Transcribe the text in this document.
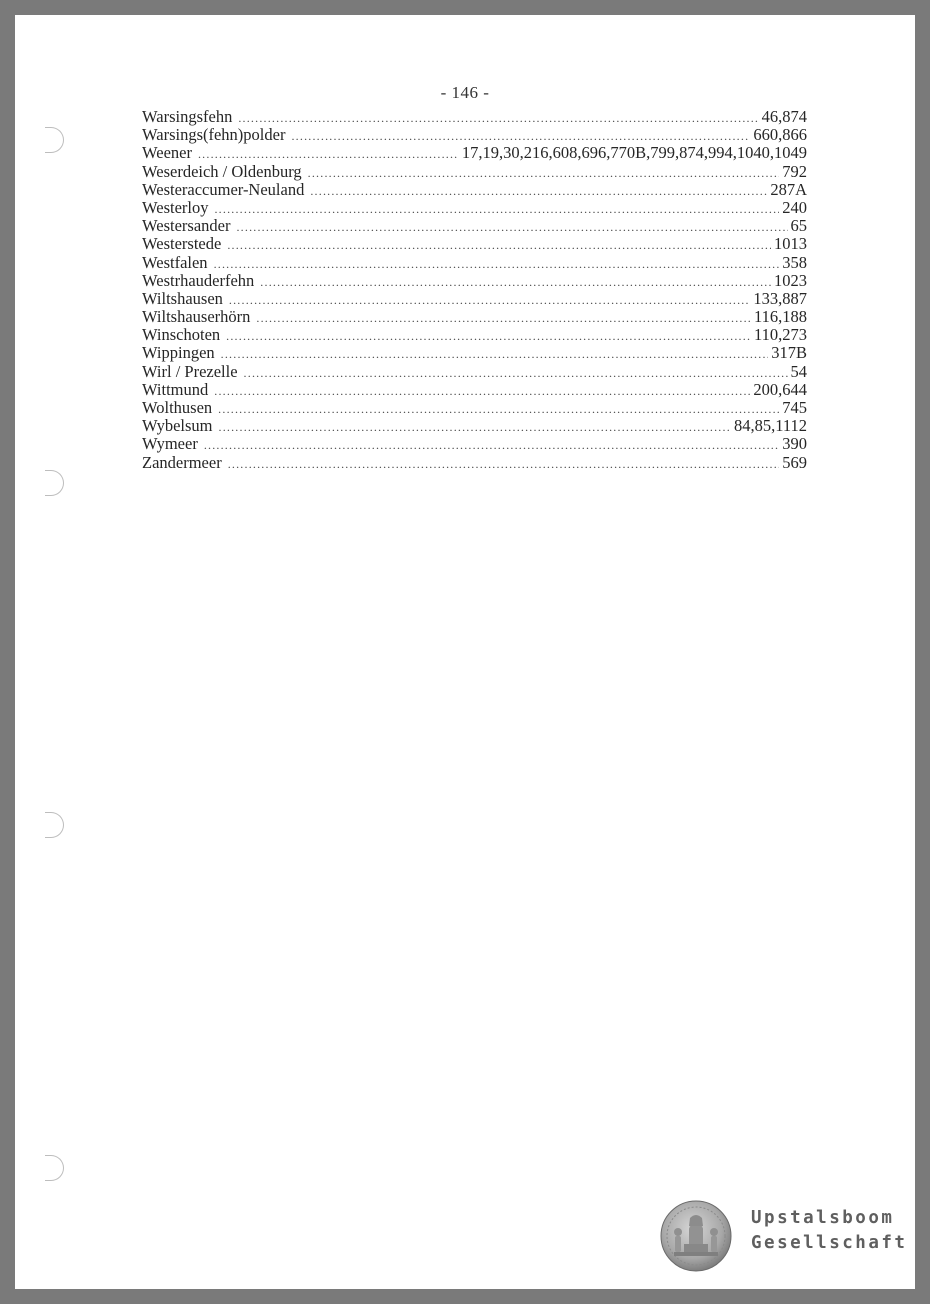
- 146 -
Warsingsfehn .....	46,874
Warsings(fehn)polder .....	660,866
Weener .....	17,19,30,216,608,696,770B,799,874,994,1040,1049
Weserdeich / Oldenburg .....	792
Westeraccumer-Neuland .....	287A
Westerloy .....	240
Westersander .....	65
Westerstede .....	1013
Westfalen .....	358
Westrhauderfehn .....	1023
Wiltshausen .....	133,887
Wiltshauserhörn .....	116,188
Winschoten .....	110,273
Wippingen .....	317B
Wirl / Prezelle .....	54
Wittmund .....	200,644
Wolthusen .....	745
Wybelsum .....	84,85,1112
Wymeer .....	390
Zandermeer .....	569
Upstalsboom
Gesellschaft
